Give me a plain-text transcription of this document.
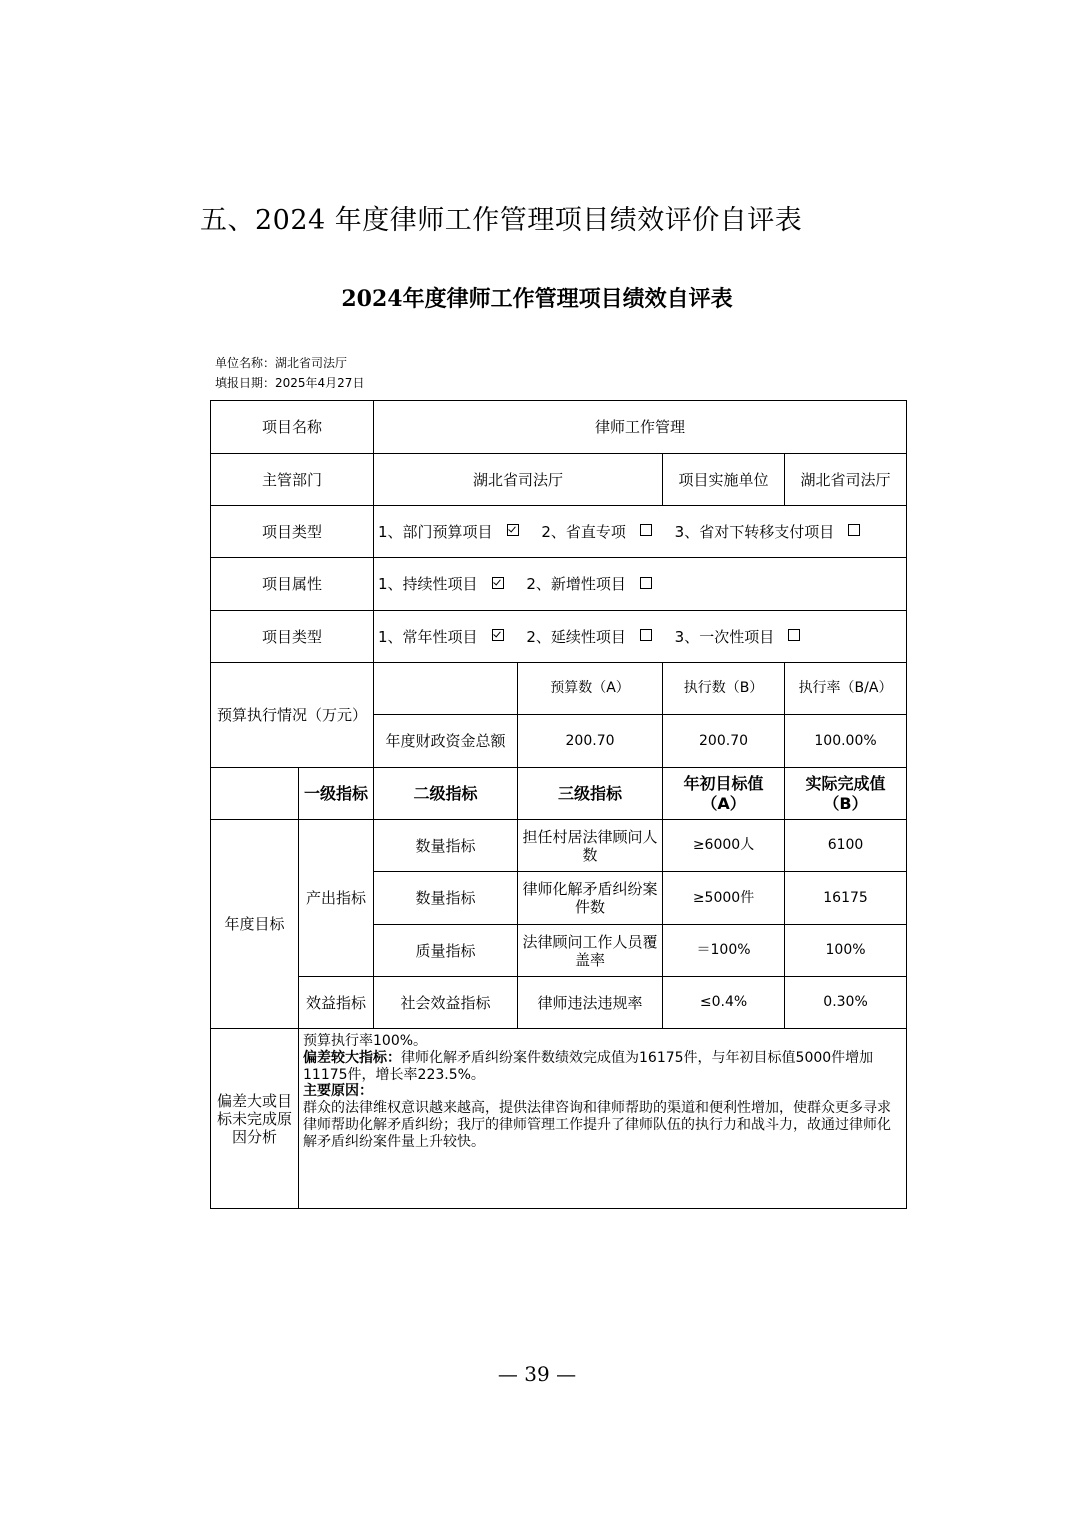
五、2024 年度律师工作管理项目绩效评价自评表
2024年度律师工作管理项目绩效自评表
单位名称：湖北省司法厅
填报日期：2025年4月27日
项目名称		律师工作管理			
主管部门		湖北省司法厅		项目实施单位	湖北省司法厅
项目类型		1、部门预算项目 2、省直专项 3、省对下转移支付项目			
项目属性		1、持续性项目 2、新增性项目			
项目类型		1、常年性项目 2、延续性项目 3、一次性项目			
预算执行情况（万元）			预算数（A）	执行数（B）	执行率（B/A）
		年度财政资金总额	200.70	200.70	100.00%
	一级指标	二级指标	三级指标	年初目标值（A）	实际完成值（B）
年度目标	产出指标	数量指标	担任村居法律顾问人数	≥6000人	6100
		数量指标	律师化解矛盾纠纷案件数	≥5000件	16175
		质量指标	法律顾问工作人员覆盖率	＝100%	100%
	效益指标	社会效益指标	律师违法违规率	≤0.4%	0.30%
偏差大或目标未完成原因分析	预算执行率100%。

偏差较大指标：律师化解矛盾纠纷案件数绩效完成值为16175件，与年初目标值5000件增加11175件，增长率223.5%。

主要原因：

群众的法律维权意识越来越高，提供法律咨询和律师帮助的渠道和便利性增加，使群众更多寻求律师帮助化解矛盾纠纷；我厅的律师管理工作提升了律师队伍的执行力和战斗力，故通过律师化解矛盾纠纷案件量上升较快。				

— 39 —
